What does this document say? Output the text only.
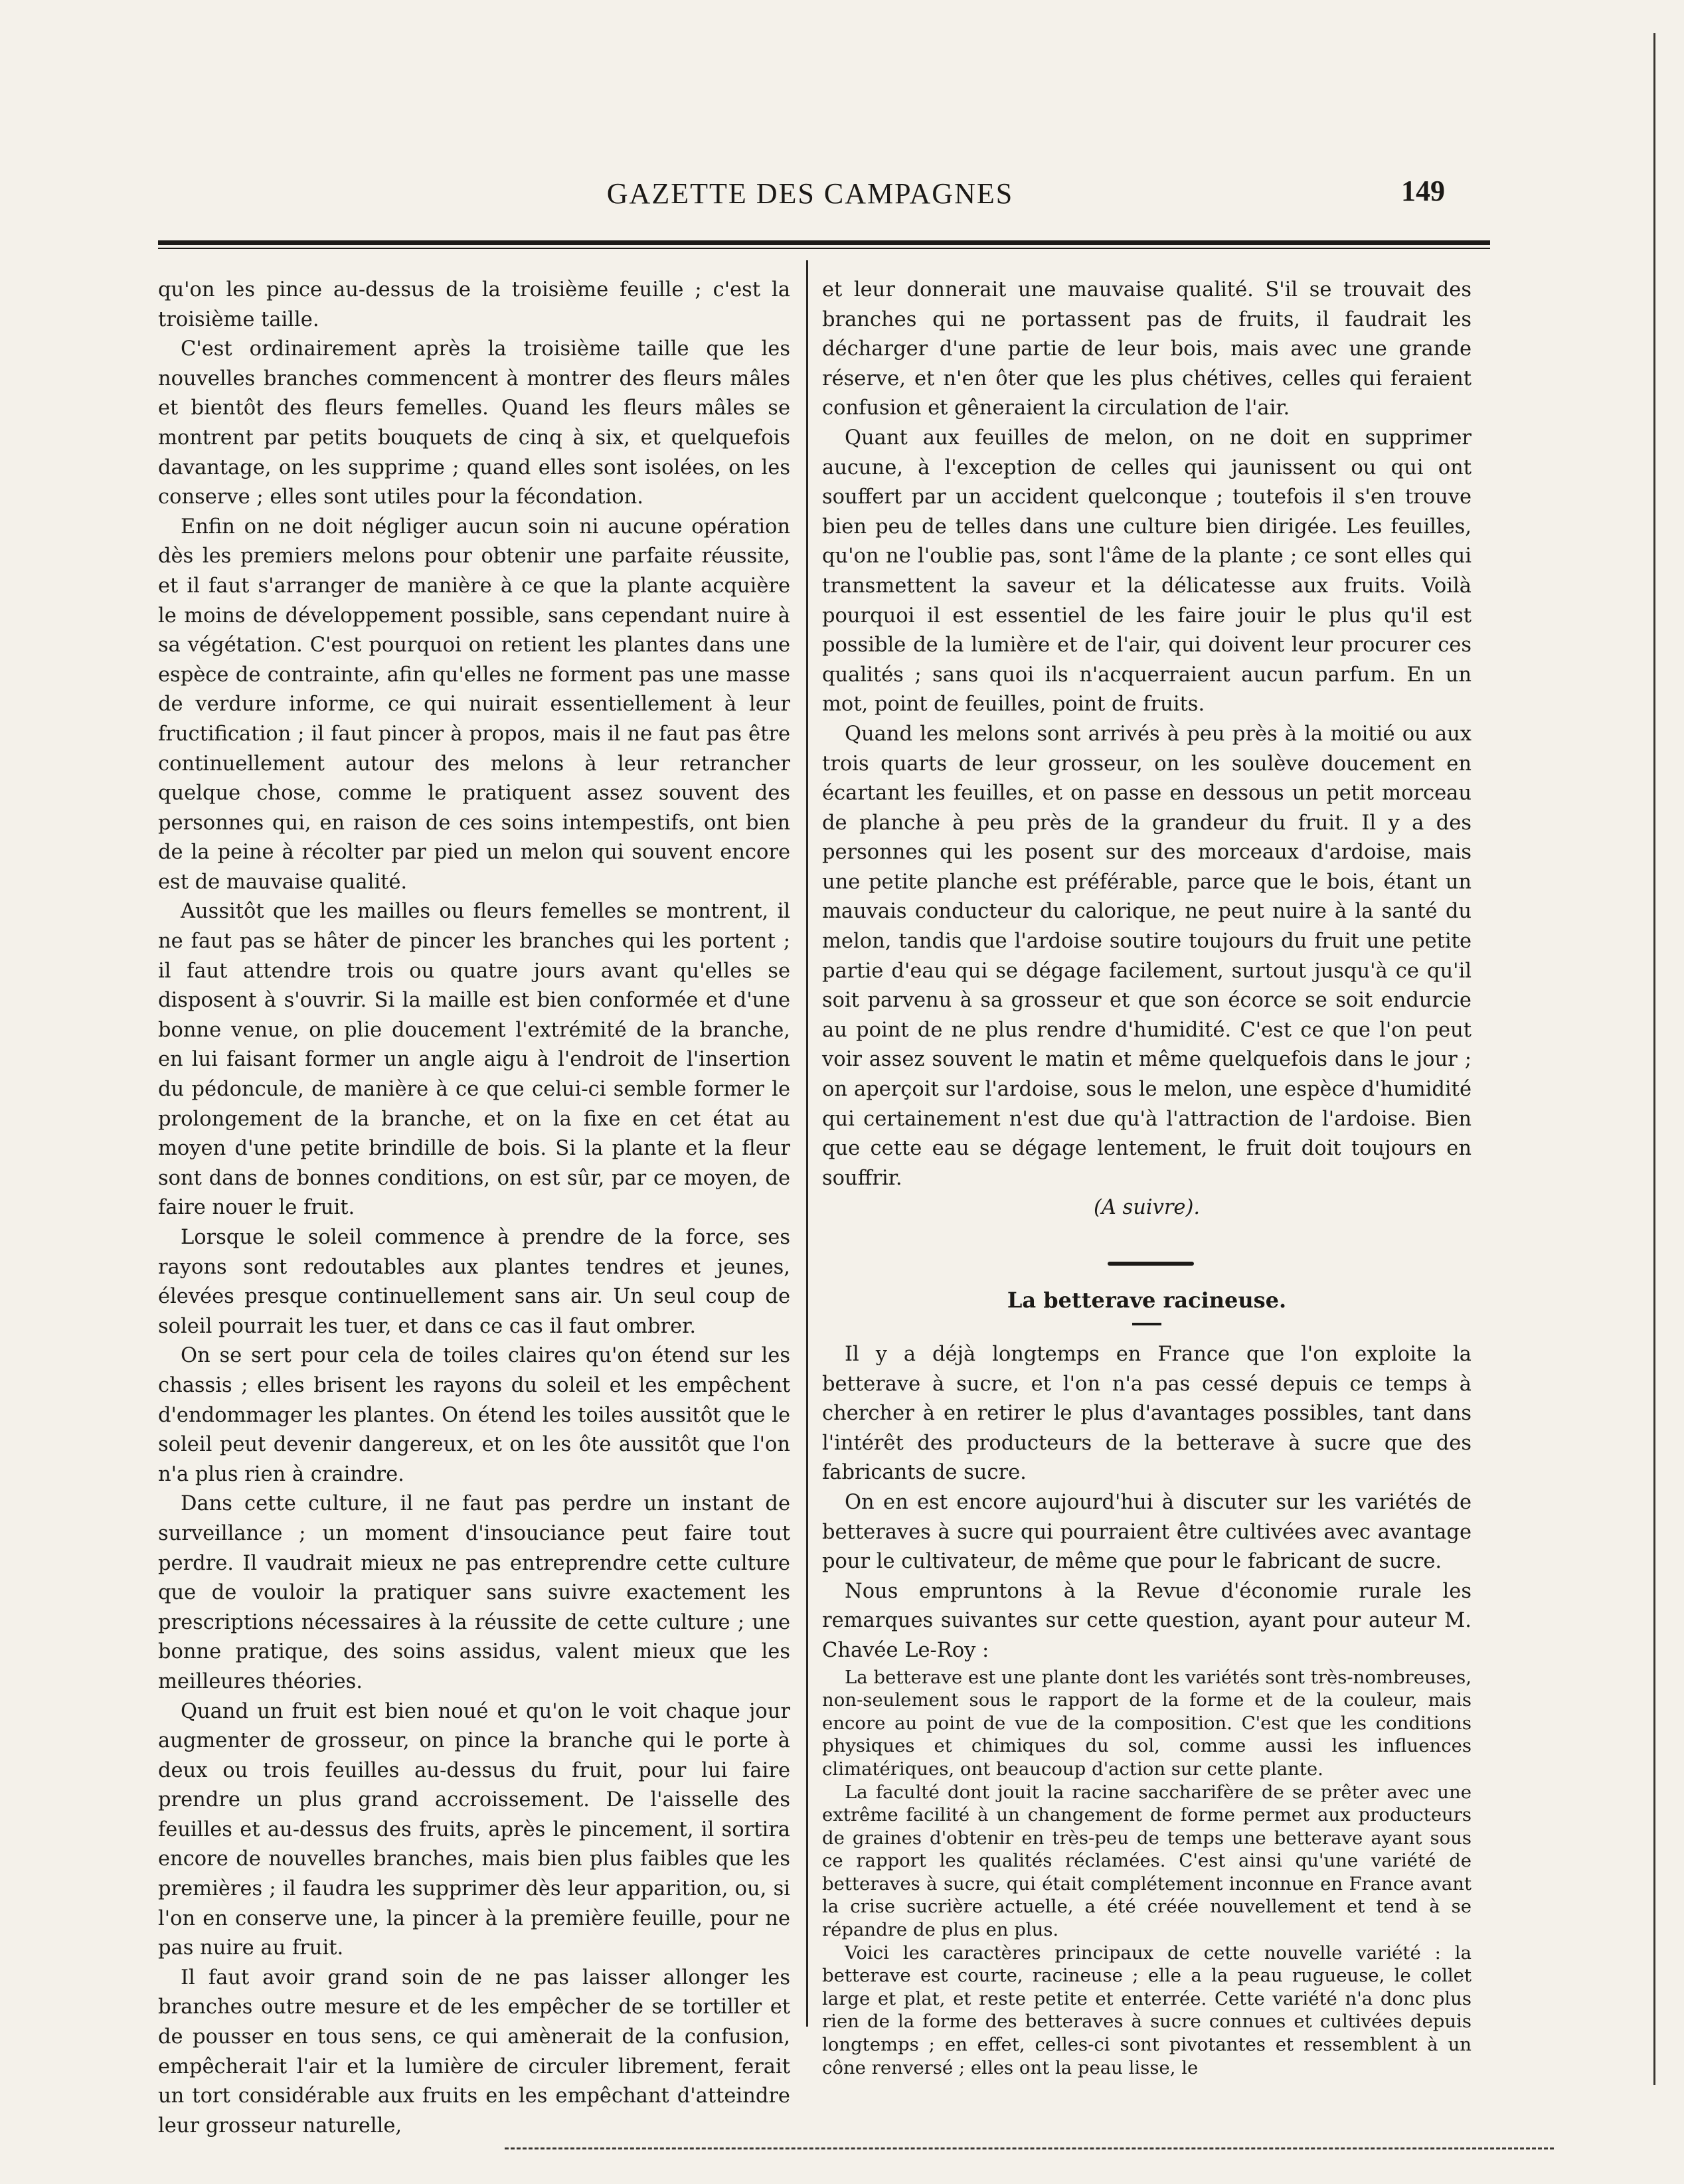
GAZETTE DES CAMPAGNES	149

qu'on les pince au-dessus de la troisième feuille ; c'est la troisième taille.

C'est ordinairement après la troisième taille que les nouvelles branches commencent à montrer des fleurs mâles et bientôt des fleurs femelles. Quand les fleurs mâles se montrent par petits bouquets de cinq à six, et quelquefois davantage, on les supprime ; quand elles sont isolées, on les conserve ; elles sont utiles pour la fécondation.

Enfin on ne doit négliger aucun soin ni aucune opération dès les premiers melons pour obtenir une parfaite réussite, et il faut s'arranger de manière à ce que la plante acquière le moins de développement possible, sans cependant nuire à sa végétation. C'est pourquoi on retient les plantes dans une espèce de contrainte, afin qu'elles ne forment pas une masse de verdure informe, ce qui nuirait essentiellement à leur fructification ; il faut pincer à propos, mais il ne faut pas être continuellement autour des melons à leur retrancher quelque chose, comme le pratiquent assez souvent des personnes qui, en raison de ces soins intempestifs, ont bien de la peine à récolter par pied un melon qui souvent encore est de mauvaise qualité.

Aussitôt que les mailles ou fleurs femelles se montrent, il ne faut pas se hâter de pincer les branches qui les portent ; il faut attendre trois ou quatre jours avant qu'elles se disposent à s'ouvrir. Si la maille est bien conformée et d'une bonne venue, on plie doucement l'extrémité de la branche, en lui faisant former un angle aigu à l'endroit de l'insertion du pédoncule, de manière à ce que celui-ci semble former le prolongement de la branche, et on la fixe en cet état au moyen d'une petite brindille de bois. Si la plante et la fleur sont dans de bonnes conditions, on est sûr, par ce moyen, de faire nouer le fruit.

Lorsque le soleil commence à prendre de la force, ses rayons sont redoutables aux plantes tendres et jeunes, élevées presque continuellement sans air. Un seul coup de soleil pourrait les tuer, et dans ce cas il faut ombrer.

On se sert pour cela de toiles claires qu'on étend sur les chassis ; elles brisent les rayons du soleil et les empêchent d'endommager les plantes. On étend les toiles aussitôt que le soleil peut devenir dangereux, et on les ôte aussitôt que l'on n'a plus rien à craindre.

Dans cette culture, il ne faut pas perdre un instant de surveillance ; un moment d'insouciance peut faire tout perdre. Il vaudrait mieux ne pas entreprendre cette culture que de vouloir la pratiquer sans suivre exactement les prescriptions nécessaires à la réussite de cette culture ; une bonne pratique, des soins assidus, valent mieux que les meilleures théories.

Quand un fruit est bien noué et qu'on le voit chaque jour augmenter de grosseur, on pince la branche qui le porte à deux ou trois feuilles au-dessus du fruit, pour lui faire prendre un plus grand accroissement. De l'aisselle des feuilles et au-dessus des fruits, après le pincement, il sortira encore de nouvelles branches, mais bien plus faibles que les premières ; il faudra les supprimer dès leur apparition, ou, si l'on en conserve une, la pincer à la première feuille, pour ne pas nuire au fruit.

Il faut avoir grand soin de ne pas laisser allonger les branches outre mesure et de les empêcher de se tortiller et de pousser en tous sens, ce qui amènerait de la confusion, empêcherait l'air et la lumière de circuler librement, ferait un tort considérable aux fruits en les empêchant d'atteindre leur grosseur naturelle,

et leur donnerait une mauvaise qualité. S'il se trouvait des branches qui ne portassent pas de fruits, il faudrait les décharger d'une partie de leur bois, mais avec une grande réserve, et n'en ôter que les plus chétives, celles qui feraient confusion et gêneraient la circulation de l'air.

Quant aux feuilles de melon, on ne doit en supprimer aucune, à l'exception de celles qui jaunissent ou qui ont souffert par un accident quelconque ; toutefois il s'en trouve bien peu de telles dans une culture bien dirigée. Les feuilles, qu'on ne l'oublie pas, sont l'âme de la plante ; ce sont elles qui transmettent la saveur et la délicatesse aux fruits. Voilà pourquoi il est essentiel de les faire jouir le plus qu'il est possible de la lumière et de l'air, qui doivent leur procurer ces qualités ; sans quoi ils n'acquerraient aucun parfum. En un mot, point de feuilles, point de fruits.

Quand les melons sont arrivés à peu près à la moitié ou aux trois quarts de leur grosseur, on les soulève doucement en écartant les feuilles, et on passe en dessous un petit morceau de planche à peu près de la grandeur du fruit. Il y a des personnes qui les posent sur des morceaux d'ardoise, mais une petite planche est préférable, parce que le bois, étant un mauvais conducteur du calorique, ne peut nuire à la santé du melon, tandis que l'ardoise soutire toujours du fruit une petite partie d'eau qui se dégage facilement, surtout jusqu'à ce qu'il soit parvenu à sa grosseur et que son écorce se soit endurcie au point de ne plus rendre d'humidité. C'est ce que l'on peut voir assez souvent le matin et même quelquefois dans le jour ; on aperçoit sur l'ardoise, sous le melon, une espèce d'humidité qui certainement n'est due qu'à l'attraction de l'ardoise. Bien que cette eau se dégage lentement, le fruit doit toujours en souffrir.

(A suivre).

La betterave racineuse.

Il y a déjà longtemps en France que l'on exploite la betterave à sucre, et l'on n'a pas cessé depuis ce temps à chercher à en retirer le plus d'avantages possibles, tant dans l'intérêt des producteurs de la betterave à sucre que des fabricants de sucre.

On en est encore aujourd'hui à discuter sur les variétés de betteraves à sucre qui pourraient être cultivées avec avantage pour le cultivateur, de même que pour le fabricant de sucre.

Nous empruntons à la Revue d'économie rurale les remarques suivantes sur cette question, ayant pour auteur M. Chavée Le-Roy :

La betterave est une plante dont les variétés sont très-nombreuses, non-seulement sous le rapport de la forme et de la couleur, mais encore au point de vue de la composition. C'est que les conditions physiques et chimiques du sol, comme aussi les influences climatériques, ont beaucoup d'action sur cette plante.

La faculté dont jouit la racine saccharifère de se prêter avec une extrême facilité à un changement de forme permet aux producteurs de graines d'obtenir en très-peu de temps une betterave ayant sous ce rapport les qualités réclamées. C'est ainsi qu'une variété de betteraves à sucre, qui était complétement inconnue en France avant la crise sucrière actuelle, a été créée nouvellement et tend à se répandre de plus en plus.

Voici les caractères principaux de cette nouvelle variété : la betterave est courte, racineuse ; elle a la peau rugueuse, le collet large et plat, et reste petite et enterrée. Cette variété n'a donc plus rien de la forme des betteraves à sucre connues et cultivées depuis longtemps ; en effet, celles-ci sont pivotantes et ressemblent à un cône renversé ; elles ont la peau lisse, le
